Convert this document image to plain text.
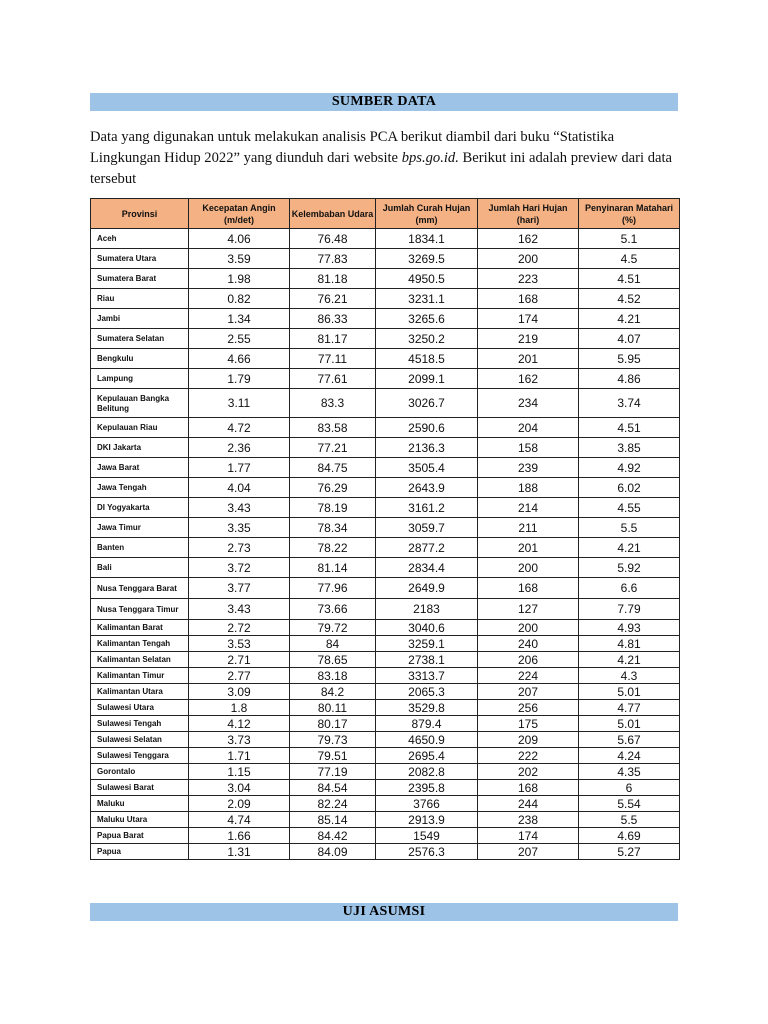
SUMBER DATA
Data yang digunakan untuk melakukan analisis PCA berikut diambil dari buku “Statistika Lingkungan Hidup 2022” yang diunduh dari website bps.go.id. Berikut ini adalah preview dari data tersebut
Provinsi	Kecepatan Angin (m/det)	Kelembaban Udara	Jumlah Curah Hujan (mm)	Jumlah Hari Hujan (hari)	Penyinaran Matahari (%)
Aceh	4.06	76.48	1834.1	162	5.1
Sumatera Utara	3.59	77.83	3269.5	200	4.5
Sumatera Barat	1.98	81.18	4950.5	223	4.51
Riau	0.82	76.21	3231.1	168	4.52
Jambi	1.34	86.33	3265.6	174	4.21
Sumatera Selatan	2.55	81.17	3250.2	219	4.07
Bengkulu	4.66	77.11	4518.5	201	5.95
Lampung	1.79	77.61	2099.1	162	4.86
Kepulauan Bangka Belitung	3.11	83.3	3026.7	234	3.74
Kepulauan Riau	4.72	83.58	2590.6	204	4.51
DKI Jakarta	2.36	77.21	2136.3	158	3.85
Jawa Barat	1.77	84.75	3505.4	239	4.92
Jawa Tengah	4.04	76.29	2643.9	188	6.02
DI Yogyakarta	3.43	78.19	3161.2	214	4.55
Jawa Timur	3.35	78.34	3059.7	211	5.5
Banten	2.73	78.22	2877.2	201	4.21
Bali	3.72	81.14	2834.4	200	5.92
Nusa Tenggara Barat	3.77	77.96	2649.9	168	6.6
Nusa Tenggara Timur	3.43	73.66	2183	127	7.79
Kalimantan Barat	2.72	79.72	3040.6	200	4.93
Kalimantan Tengah	3.53	84	3259.1	240	4.81
Kalimantan Selatan	2.71	78.65	2738.1	206	4.21
Kalimantan Timur	2.77	83.18	3313.7	224	4.3
Kalimantan Utara	3.09	84.2	2065.3	207	5.01
Sulawesi Utara	1.8	80.11	3529.8	256	4.77
Sulawesi Tengah	4.12	80.17	879.4	175	5.01
Sulawesi Selatan	3.73	79.73	4650.9	209	5.67
Sulawesi Tenggara	1.71	79.51	2695.4	222	4.24
Gorontalo	1.15	77.19	2082.8	202	4.35
Sulawesi Barat	3.04	84.54	2395.8	168	6
Maluku	2.09	82.24	3766	244	5.54
Maluku Utara	4.74	85.14	2913.9	238	5.5
Papua Barat	1.66	84.42	1549	174	4.69
Papua	1.31	84.09	2576.3	207	5.27
UJI ASUMSI
